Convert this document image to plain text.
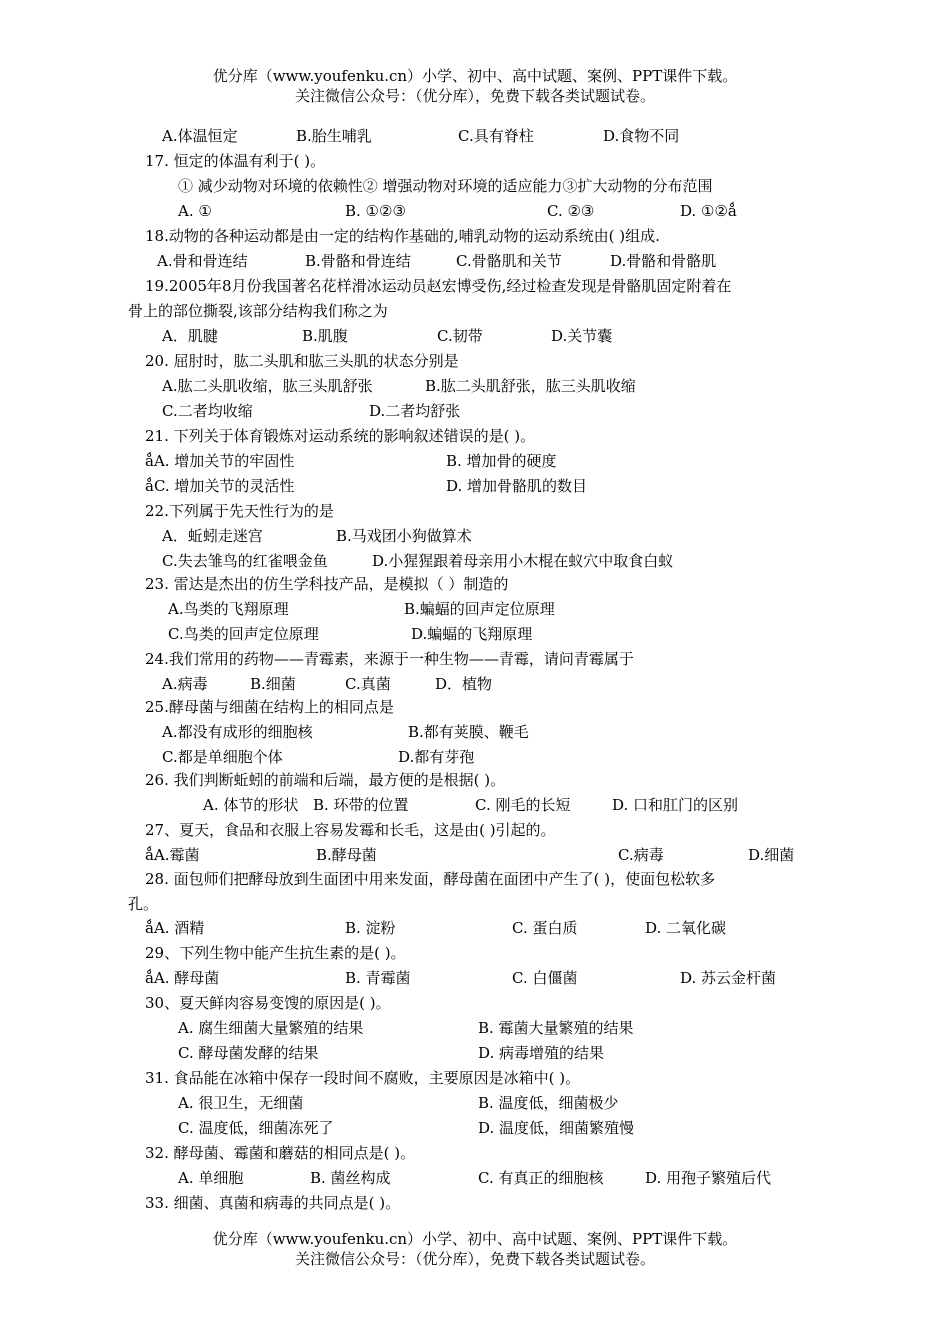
优分库（www.youfenku.cn）小学、初中、高中试题、案例、PPT课件下载。
关注微信公众号：（优分库），免费下载各类试题试卷。
A.体温恒定	B.胎生哺乳	C.具有脊柱	D.食物不同
17. 恒定的体温有利于( )。
① 减少动物对环境的依赖性② 增强动物对环境的适应能力③扩大动物的分布范围
A. ①	B. ①②③	C. ②③	D. ①②ǻ
18.动物的各种运动都是由一定的结构作基础的,哺乳动物的运动系统由( )组成.
A.骨和骨连结	B.骨骼和骨连结	C.骨骼肌和关节	D.骨骼和骨骼肌
19.2005年8月份我国著名花样滑冰运动员赵宏博受伤,经过检查发现是骨骼肌固定附着在
骨上的部位撕裂,该部分结构我们称之为
A．肌腱	B.肌腹	C.韧带	D.关节囊
20. 屈肘时，肱二头肌和肱三头肌的状态分别是
A.肱二头肌收缩，肱三头肌舒张	B.肱二头肌舒张，肱三头肌收缩
C.二者均收缩	D.二者均舒张
21. 下列关于体育锻炼对运动系统的影响叙述错误的是( )。
ǻA. 增加关节的牢固性	B. 增加骨的硬度
ǻC. 增加关节的灵活性	D. 增加骨骼肌的数目
22.下列属于先天性行为的是
A．蚯蚓走迷宫	B.马戏团小狗做算术
C.失去雏鸟的红雀喂金鱼	D.小猩猩跟着母亲用小木棍在蚁穴中取食白蚁
23. 雷达是杰出的仿生学科技产品，是模拟（ ）制造的
A.鸟类的飞翔原理	B.蝙蝠的回声定位原理
C.鸟类的回声定位原理	D.蝙蝠的飞翔原理
24.我们常用的药物——青霉素，来源于一种生物——青霉，请问青霉属于
A.病毒	B.细菌	C.真菌	D．植物
25.酵母菌与细菌在结构上的相同点是
A.都没有成形的细胞核	B.都有荚膜、鞭毛
C.都是单细胞个体	D.都有芽孢
26. 我们判断蚯蚓的前端和后端，最方便的是根据( )。
A. 体节的形状 B. 环带的位置	C. 刚毛的长短	D. 口和肛门的区别
27、夏天，食品和衣服上容易发霉和长毛，这是由( )引起的。
ǻA.霉菌	B.酵母菌	C.病毒	D.细菌
28. 面包师们把酵母放到生面团中用来发面，酵母菌在面团中产生了( )，使面包松软多
孔。
ǻA. 酒精	B. 淀粉	C. 蛋白质	D. 二氧化碳
29、下列生物中能产生抗生素的是( )。
ǻA. 酵母菌	B. 青霉菌	C. 白僵菌	D. 苏云金杆菌
30、夏天鲜肉容易变馊的原因是( )。
A. 腐生细菌大量繁殖的结果	B. 霉菌大量繁殖的结果
C. 酵母菌发酵的结果	D. 病毒增殖的结果
31. 食品能在冰箱中保存一段时间不腐败，主要原因是冰箱中( )。
A. 很卫生，无细菌	B. 温度低，细菌极少
C. 温度低，细菌冻死了	D. 温度低，细菌繁殖慢
32. 酵母菌、霉菌和蘑菇的相同点是( )。
A. 单细胞	B. 菌丝构成	C. 有真正的细胞核	D. 用孢子繁殖后代
33. 细菌、真菌和病毒的共同点是( )。
优分库（www.youfenku.cn）小学、初中、高中试题、案例、PPT课件下载。
关注微信公众号：（优分库），免费下载各类试题试卷。
